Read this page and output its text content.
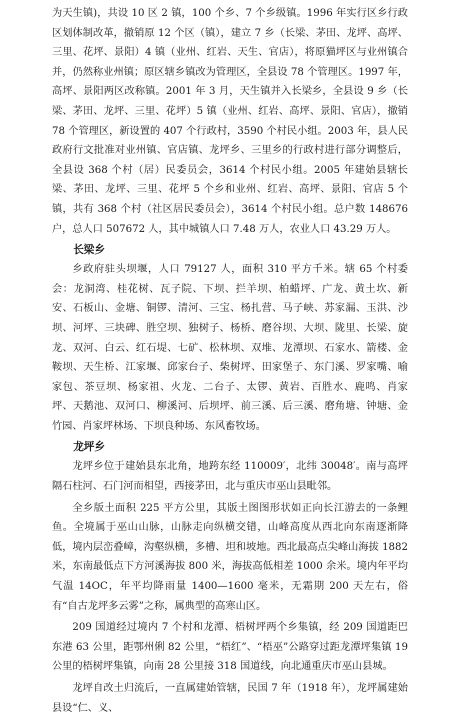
为天生镇)，共设 10 区 2 镇，100 个乡、7 个乡级镇。1996 年实行区乡行政区划体制改革，撤销原 12 个区（镇），建立 7 乡（长梁、茅田、龙坪、高坪、三里、花坪、景阳）4 镇（业州、红岩、天生、官店），将原猫坪区与业州镇合并，仍然称业州镇；原区辖乡镇改为管理区，全县设 78 个管理区。1997 年，高坪、景阳两区改称镇。2001 年 3 月，天生镇并入长梁乡，全县设 9 乡（长梁、茅田、龙坪、三里、花坪）5 镇（业州、红岩、高坪、景阳、官店），撤销 78 个管理区，新设置的 407 个行政村，3590 个村民小组。2003 年，县人民政府行文批准对业州镇、官店镇、龙坪乡、三里乡的行政村进行部分调整后，全县设 368 个村（居）民委员会，3614 个村民小组。2005 年建始县辖长梁、茅田、龙坪、三里、花坪 5 个乡和业州、红岩、高坪、景阳、官店 5 个镇，共有 368 个村（社区居民委员会），3614 个村民小组。总户数 148676 户，总人口 507672 人，其中城镇人口 7.48 万人，农业人口 43.29 万人。

长梁乡

乡政府驻头坝堰，人口 79127 人，面积 310 平方千米。辖 65 个村委会：龙洞湾、桂花树、瓦子院、下坝、拦羊坝、柏蜡坪、广龙、黄土坎、新安、石板山、金塘、铜锣、清河、三宝、杨扎营、马子峡、苏家漏、玉洪、沙坝、河坪、三块碑、胜空坝、独树子、杨桥、磨谷坝、大坝、陇里、长梁、旋龙、双河、白云、红石堤、七矿、松林坝、双堆、龙潭坝、石家水、箭楼、金鞍坝、天生桥、江家堰、邱家台子、柴树坪、田家堡子、东门溪、罗家嘴、喻家包、茶豆坝、杨家祖、火龙、二台子、太锣、黄岩、百胜水、鹿鸣、肖家坪、天鹅池、双河口、柳溪河、后坝坪、前三溪、后三溪、磨角塘、钟塘、金竹园、肖家坪林场、下坝良种场、东风畜牧场。

龙坪乡

龙坪乡位于建始县东北角，地跨东经 110009′，北纬 30048′。南与高坪隔石柱河、石门河而相望，西接茅田，北与重庆市巫山县毗邻。

全乡版土面积 225 平方公里，其版土图图形状如正向长江游去的一条鲤鱼。全境属于巫山山脉，山脉走向纵横交错，山峰高度从西北向东南逐渐降低，境内层峦叠嶂，沟壑纵横，多槽、坦和坡地。西北最高点尖峰山海拔 1882 米，东南最低点下方河溪海拔 800 米，海拔高低相差 1000 余米。境内年平均气温 14OC，年平均降雨量 1400—1600 毫米，无霜期 200 天左右，俗有“自古龙坪多云雾”之称，属典型的高寒山区。

209 国道经过境内 7 个村和龙潭、梧树坪两个乡集镇，经 209 国道距巴东港 63 公里，距鄂州俐 82 公里，“梧红”、“梧巫”公路穿过距龙潭坪集镇 19 公里的梧树坪集镇，向南 28 公里接 318 国道线，向北通重庆市巫山县城。

龙坪自改土归流后，一直属建始管辖，民国 7 年（1918 年），龙坪属建始县设“仁、义、
